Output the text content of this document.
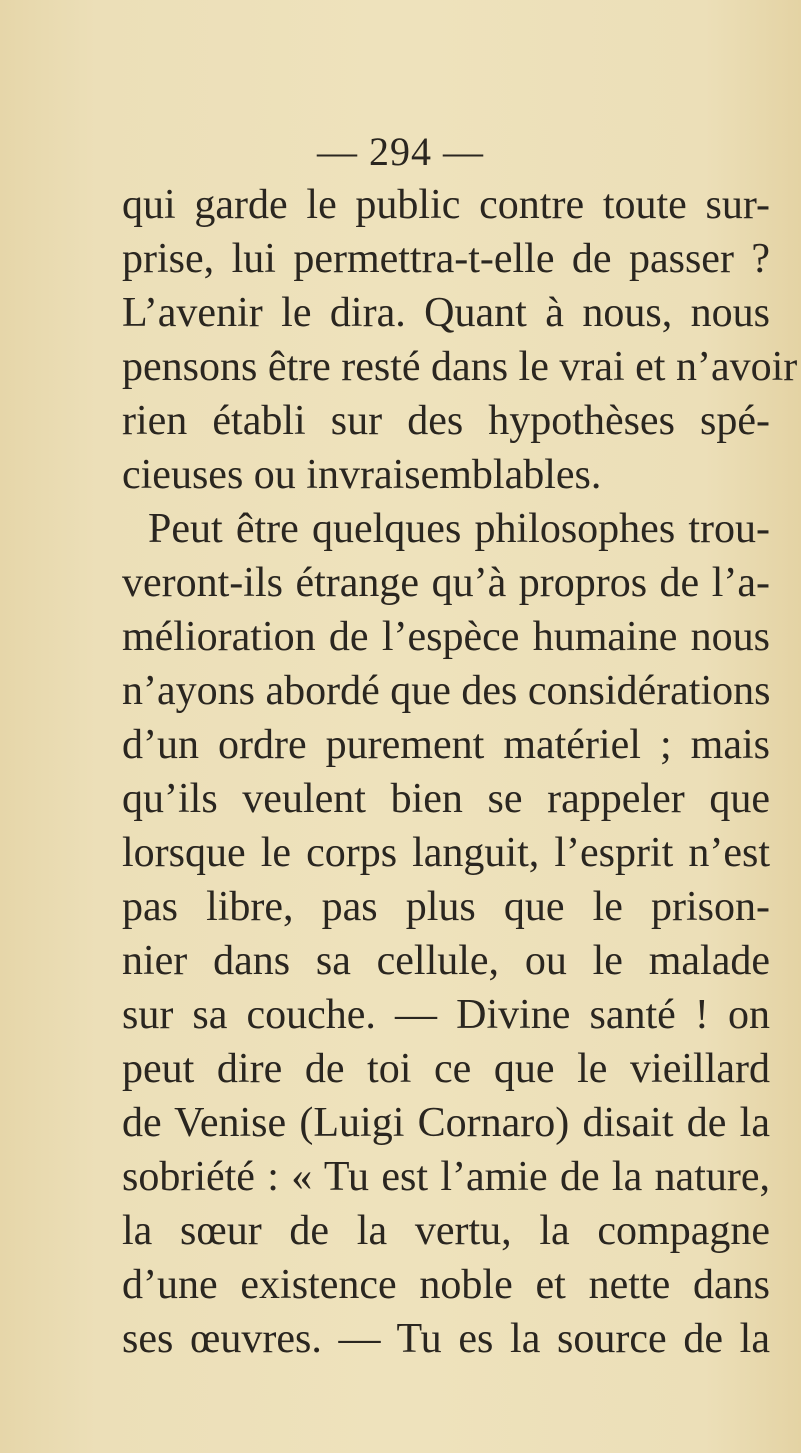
— 294 —
qui garde le public contre toute sur-
prise, lui permettra-t-elle de passer ?
L’avenir le dira. Quant à nous, nous
pensons être resté dans le vrai et n’avoir
rien établi sur des hypothèses spé-
cieuses ou invraisemblables.
Peut être quelques philosophes trou-
veront-ils étrange qu’à propros de l’a-
mélioration de l’espèce humaine nous
n’ayons abordé que des considérations
d’un ordre purement matériel ; mais
qu’ils veulent bien se rappeler que
lorsque le corps languit, l’esprit n’est
pas libre, pas plus que le prison-
nier dans sa cellule, ou le malade
sur sa couche. — Divine santé ! on
peut dire de toi ce que le vieillard
de Venise (Luigi Cornaro) disait de la
sobriété : « Tu est l’amie de la nature,
la sœur de la vertu, la compagne
d’une existence noble et nette dans
ses œuvres. — Tu es la source de la
